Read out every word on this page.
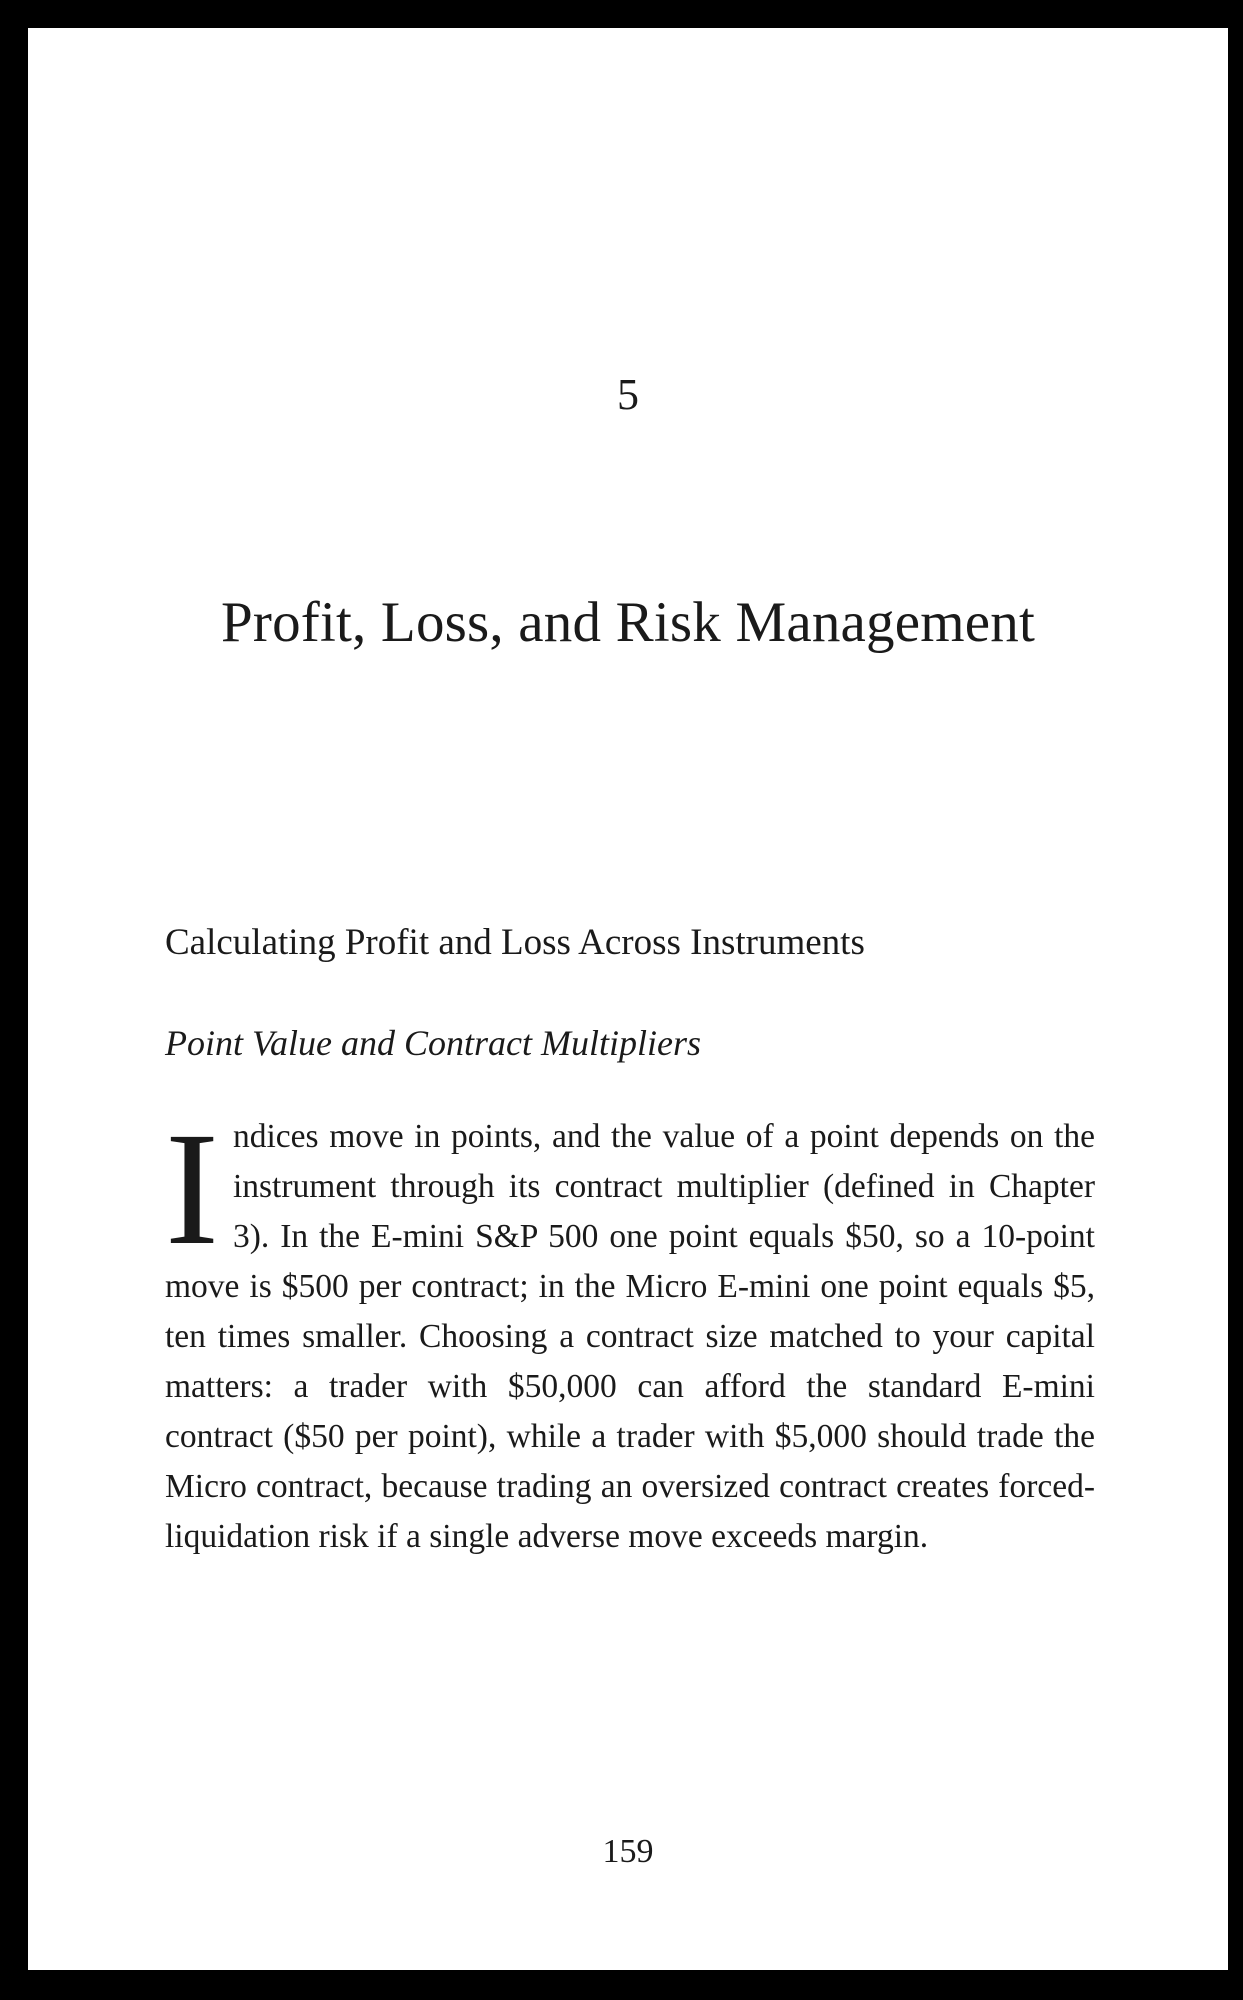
5
Profit, Loss, and Risk Management
Calculating Profit and Loss Across Instruments
Point Value and Contract Multipliers
Indices move in points, and the value of a point depends on the instrument through its contract multiplier (defined in Chapter 3). In the E-mini S&P 500 one point equals $50, so a 10-point move is $500 per contract; in the Micro E-mini one point equals $5, ten times smaller. Choosing a contract size matched to your capital matters: a trader with $50,000 can afford the standard E-mini contract ($50 per point), while a trader with $5,000 should trade the Micro contract, because trading an oversized contract creates forced-liquidation risk if a single adverse move exceeds margin.
159
